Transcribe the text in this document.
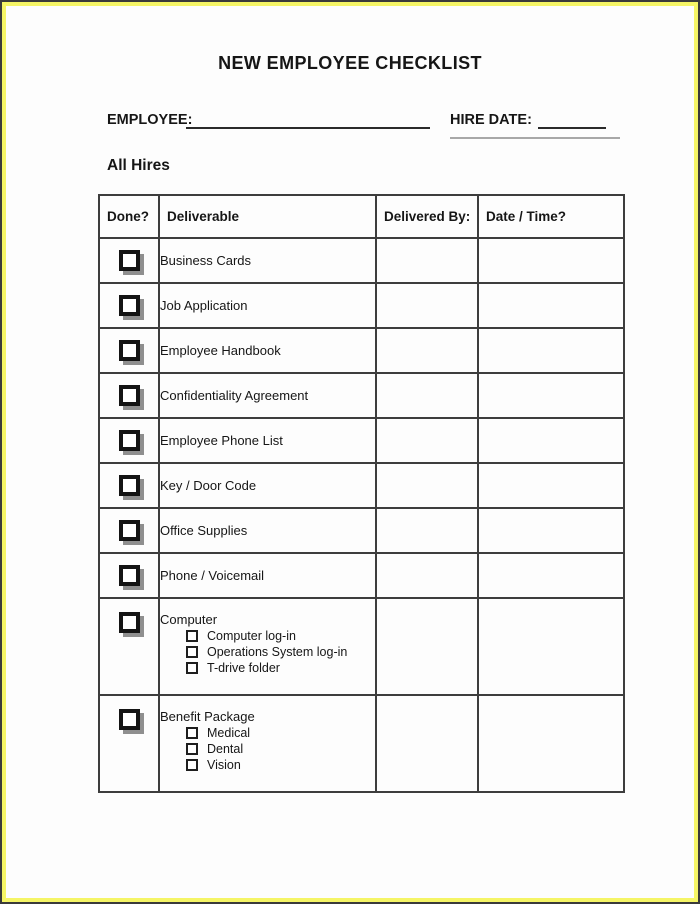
NEW EMPLOYEE CHECKLIST
EMPLOYEE:	HIRE DATE:
All Hires
Done?	Deliverable	Delivered By:	Date / Time?

	Business Cards		

	Job Application		

	Employee Handbook		

	Confidentiality Agreement		

	Employee Phone List		

	Key / Door Code		

	Office Supplies		

	Phone / Voicemail		

	Computer
Computer log-in
Operations System log-in
T-drive folder		

	Benefit Package
Medical
Dental
Vision		
